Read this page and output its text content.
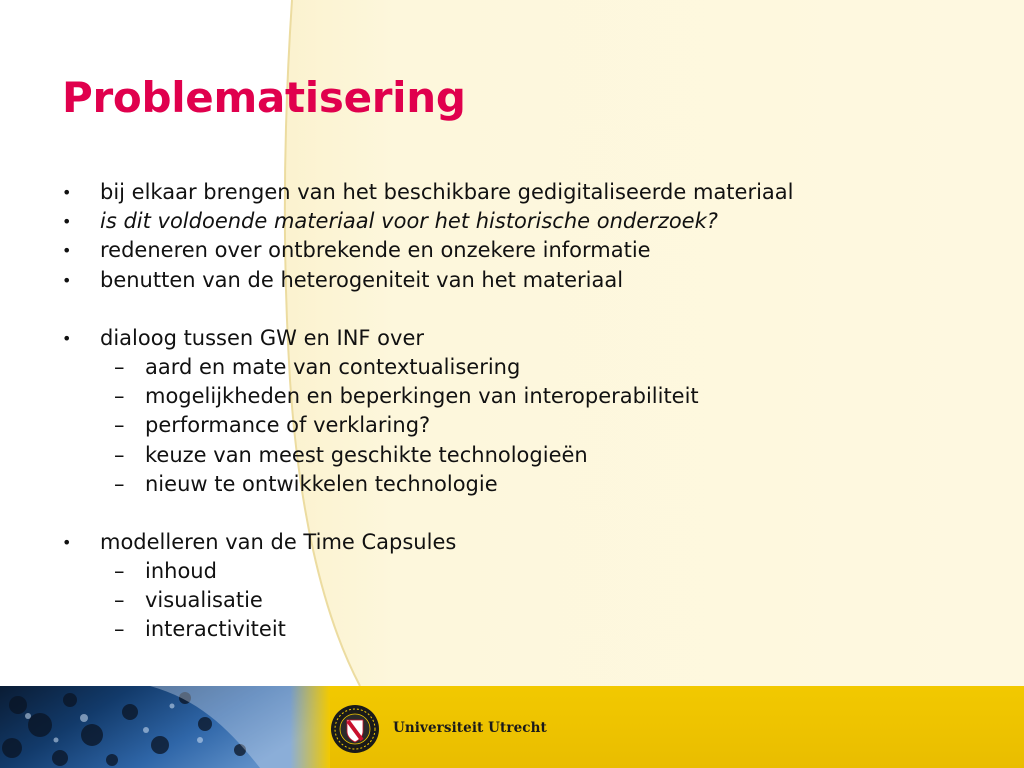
Problematisering
• bij elkaar brengen van het beschikbare gedigitaliseerde materiaal
• is dit voldoende materiaal voor het historische onderzoek?
• redeneren over ontbrekende en onzekere informatie
• benutten van de heterogeniteit van het materiaal
• dialoog tussen GW en INF over
– aard en mate van contextualisering
– mogelijkheden en beperkingen van interoperabiliteit
– performance of verklaring?
– keuze van meest geschikte technologieën
– nieuw te ontwikkelen technologie
• modelleren van de Time Capsules
– inhoud
– visualisatie
– interactiviteit
Universiteit Utrecht
